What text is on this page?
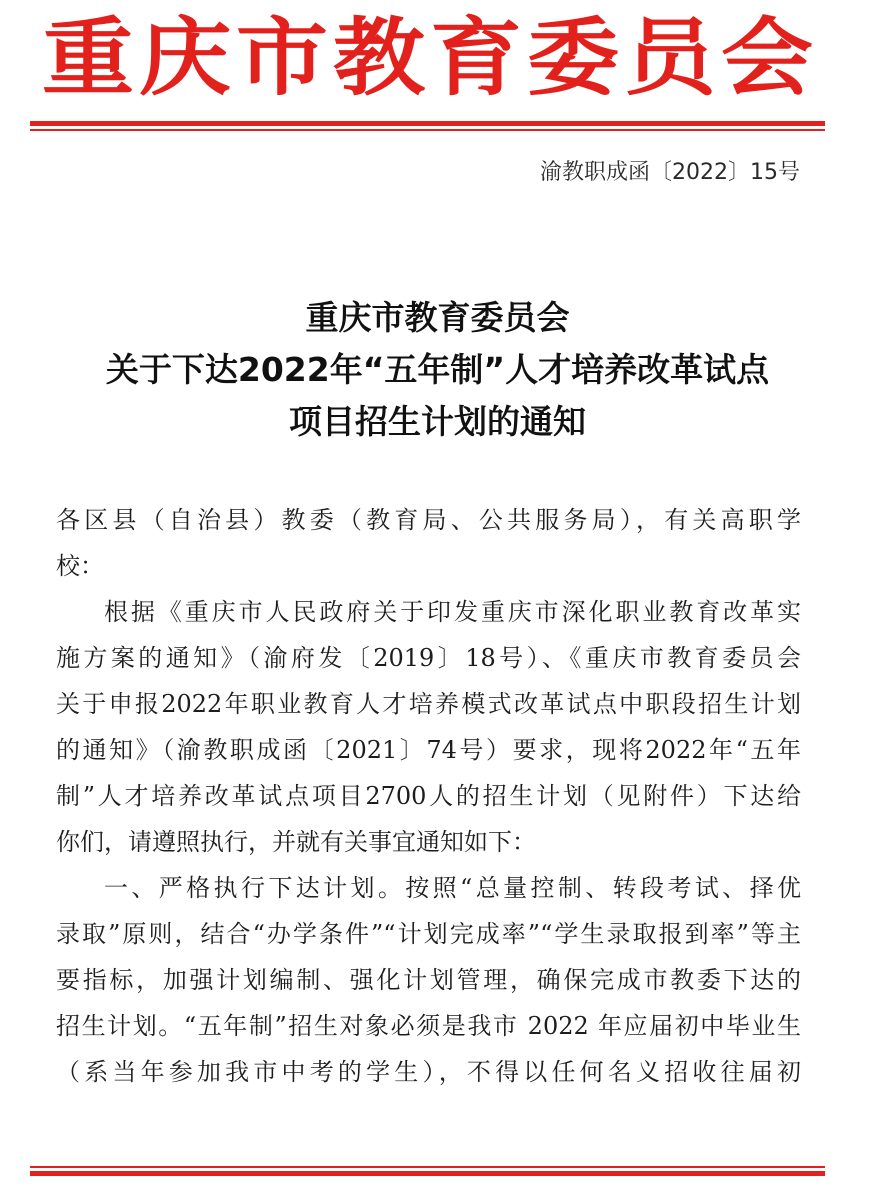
重庆市教育委员会
渝教职成函〔2022〕15号
重庆市教育委员会
关于下达2022年“五年制”人才培养改革试点
项目招生计划的通知
各区县（自治县）教委（教育局、公共服务局），有关高职学
校：
根据《重庆市人民政府关于印发重庆市深化职业教育改革实
施方案的通知》（渝府发〔2019〕18号）、《重庆市教育委员会
关于申报2022年职业教育人才培养模式改革试点中职段招生计划
的通知》（渝教职成函〔2021〕74号）要求，现将2022年“五年
制”人才培养改革试点项目2700人的招生计划（见附件）下达给
你们，请遵照执行，并就有关事宜通知如下：
一、严格执行下达计划。按照“总量控制、转段考试、择优
录取”原则，结合“办学条件”“计划完成率”“学生录取报到率”等主
要指标，加强计划编制、强化计划管理，确保完成市教委下达的
招生计划。“五年制”招生对象必须是我市 2022 年应届初中毕业生
（系当年参加我市中考的学生），不得以任何名义招收往届初
